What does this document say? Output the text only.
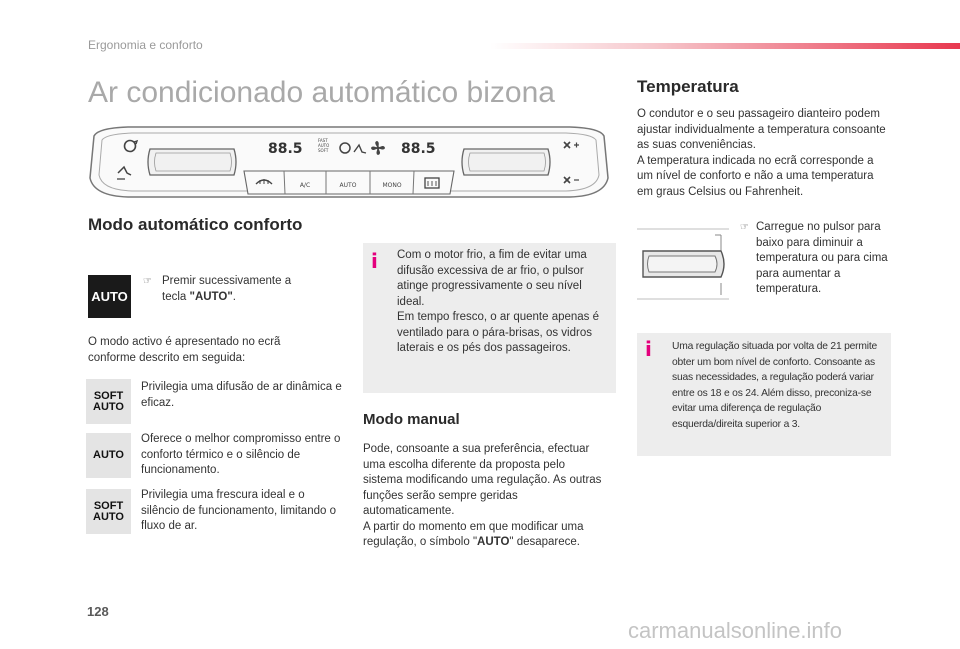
Ergonomia e conforto
Ar condicionado automático bizona
88.5
FAST
AUTO
SOFT	88.5
A/C	AUTO	MONO
Modo automático conforto
AUTO
☞ Premir sucessivamente a tecla "AUTO".
O modo activo é apresentado no ecrã conforme descrito em seguida:
SOFT
AUTO
Privilegia uma difusão de ar dinâmica e eficaz.
AUTO
Oferece o melhor compromisso entre o conforto térmico e o silêncio de funcionamento.
SOFT
AUTO
Privilegia uma frescura ideal e o silêncio de funcionamento, limitando o fluxo de ar.
i Com o motor frio, a fim de evitar uma difusão excessiva de ar frio, o pulsor atinge progressivamente o seu nível ideal.
Em tempo fresco, o ar quente apenas é ventilado para o pára-brisas, os vidros laterais e os pés dos passageiros.
Modo manual
Pode, consoante a sua preferência, efectuar uma escolha diferente da proposta pelo sistema modificando uma regulação. As outras funções serão sempre geridas automaticamente.
A partir do momento em que modificar uma regulação, o símbolo "AUTO" desaparece.
Temperatura
O condutor e o seu passageiro dianteiro podem ajustar individualmente a temperatura consoante as suas conveniências.
A temperatura indicada no ecrã corresponde a um nível de conforto e não a uma temperatura em graus Celsius ou Fahrenheit.
☞ Carregue no pulsor para baixo para diminuir a temperatura ou para cima para aumentar a temperatura.
i Uma regulação situada por volta de 21 permite obter um bom nível de conforto. Consoante as suas necessidades, a regulação poderá variar entre os 18 e os 24. Além disso, preconiza-se evitar uma diferença de regulação esquerda/direita superior a 3.
128
carmanualsonline.info
